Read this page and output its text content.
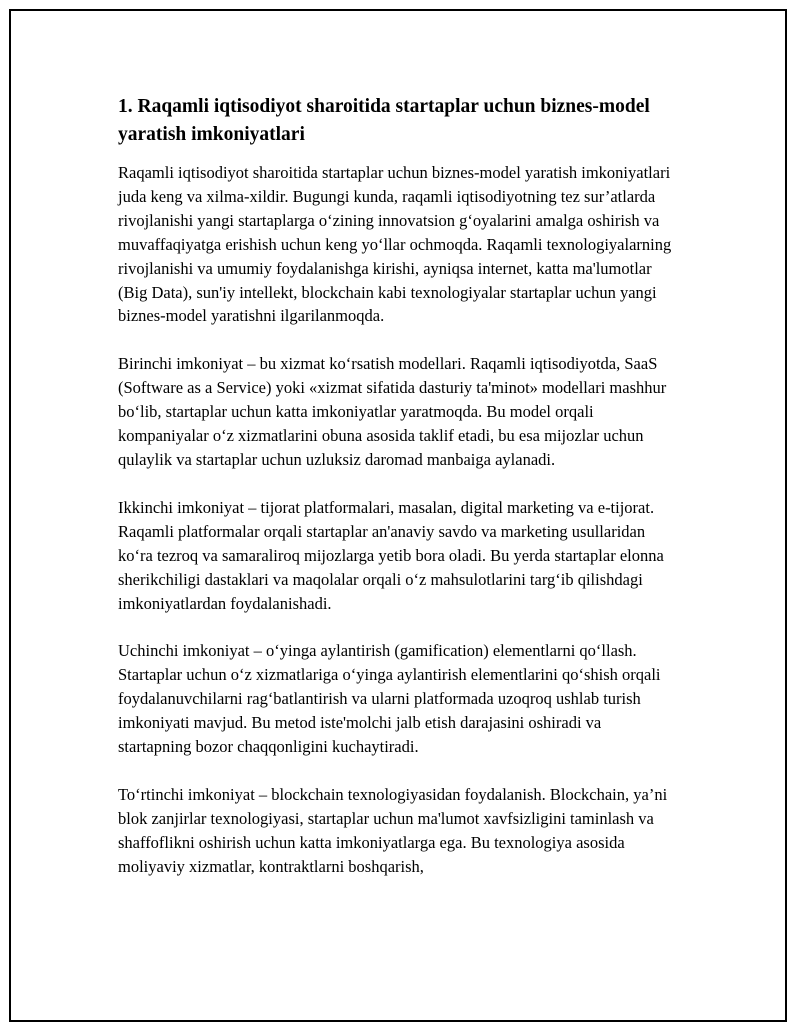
1. Raqamli iqtisodiyot sharoitida startaplar uchun biznes-model yaratish imkoniyatlari

Raqamli iqtisodiyot sharoitida startaplar uchun biznes-model yaratish imkoniyatlari juda keng va xilma-xildir. Bugungi kunda, raqamli iqtisodiyotning tez sur’atlarda rivojlanishi yangi startaplarga o‘zining innovatsion g‘oyalarini amalga oshirish va muvaffaqiyatga erishish uchun keng yo‘llar ochmoqda. Raqamli texnologiyalarning rivojlanishi va umumiy foydalanishga kirishi, ayniqsa internet, katta ma'lumotlar (Big Data), sun'iy intellekt, blockchain kabi texnologiyalar startaplar uchun yangi biznes-model yaratishni ilgarilanmoqda.

Birinchi imkoniyat – bu xizmat ko‘rsatish modellari. Raqamli iqtisodiyotda, SaaS (Software as a Service) yoki «xizmat sifatida dasturiy ta'minot» modellari mashhur bo‘lib, startaplar uchun katta imkoniyatlar yaratmoqda. Bu model orqali kompaniyalar o‘z xizmatlarini obuna asosida taklif etadi, bu esa mijozlar uchun qulaylik va startaplar uchun uzluksiz daromad manbaiga aylanadi.

Ikkinchi imkoniyat – tijorat platformalari, masalan, digital marketing va e-tijorat. Raqamli platformalar orqali startaplar an'anaviy savdo va marketing usullaridan ko‘ra tezroq va samaraliroq mijozlarga yetib bora oladi. Bu yerda startaplar elonna sherikchiligi dastaklari va maqolalar orqali o‘z mahsulotlarini targ‘ib qilishdagi imkoniyatlardan foydalanishadi.

Uchinchi imkoniyat – o‘yinga aylantirish (gamification) elementlarni qo‘llash. Startaplar uchun o‘z xizmatlariga o‘yinga aylantirish elementlarini qo‘shish orqali foydalanuvchilarni rag‘batlantirish va ularni platformada uzoqroq ushlab turish imkoniyati mavjud. Bu metod iste'molchi jalb etish darajasini oshiradi va startapning bozor chaqqonligini kuchaytiradi.

To‘rtinchi imkoniyat – blockchain texnologiyasidan foydalanish. Blockchain, ya’ni blok zanjirlar texnologiyasi, startaplar uchun ma'lumot xavfsizligini taminlash va shaffoflikni oshirish uchun katta imkoniyatlarga ega. Bu texnologiya asosida moliyaviy xizmatlar, kontraktlarni boshqarish,
